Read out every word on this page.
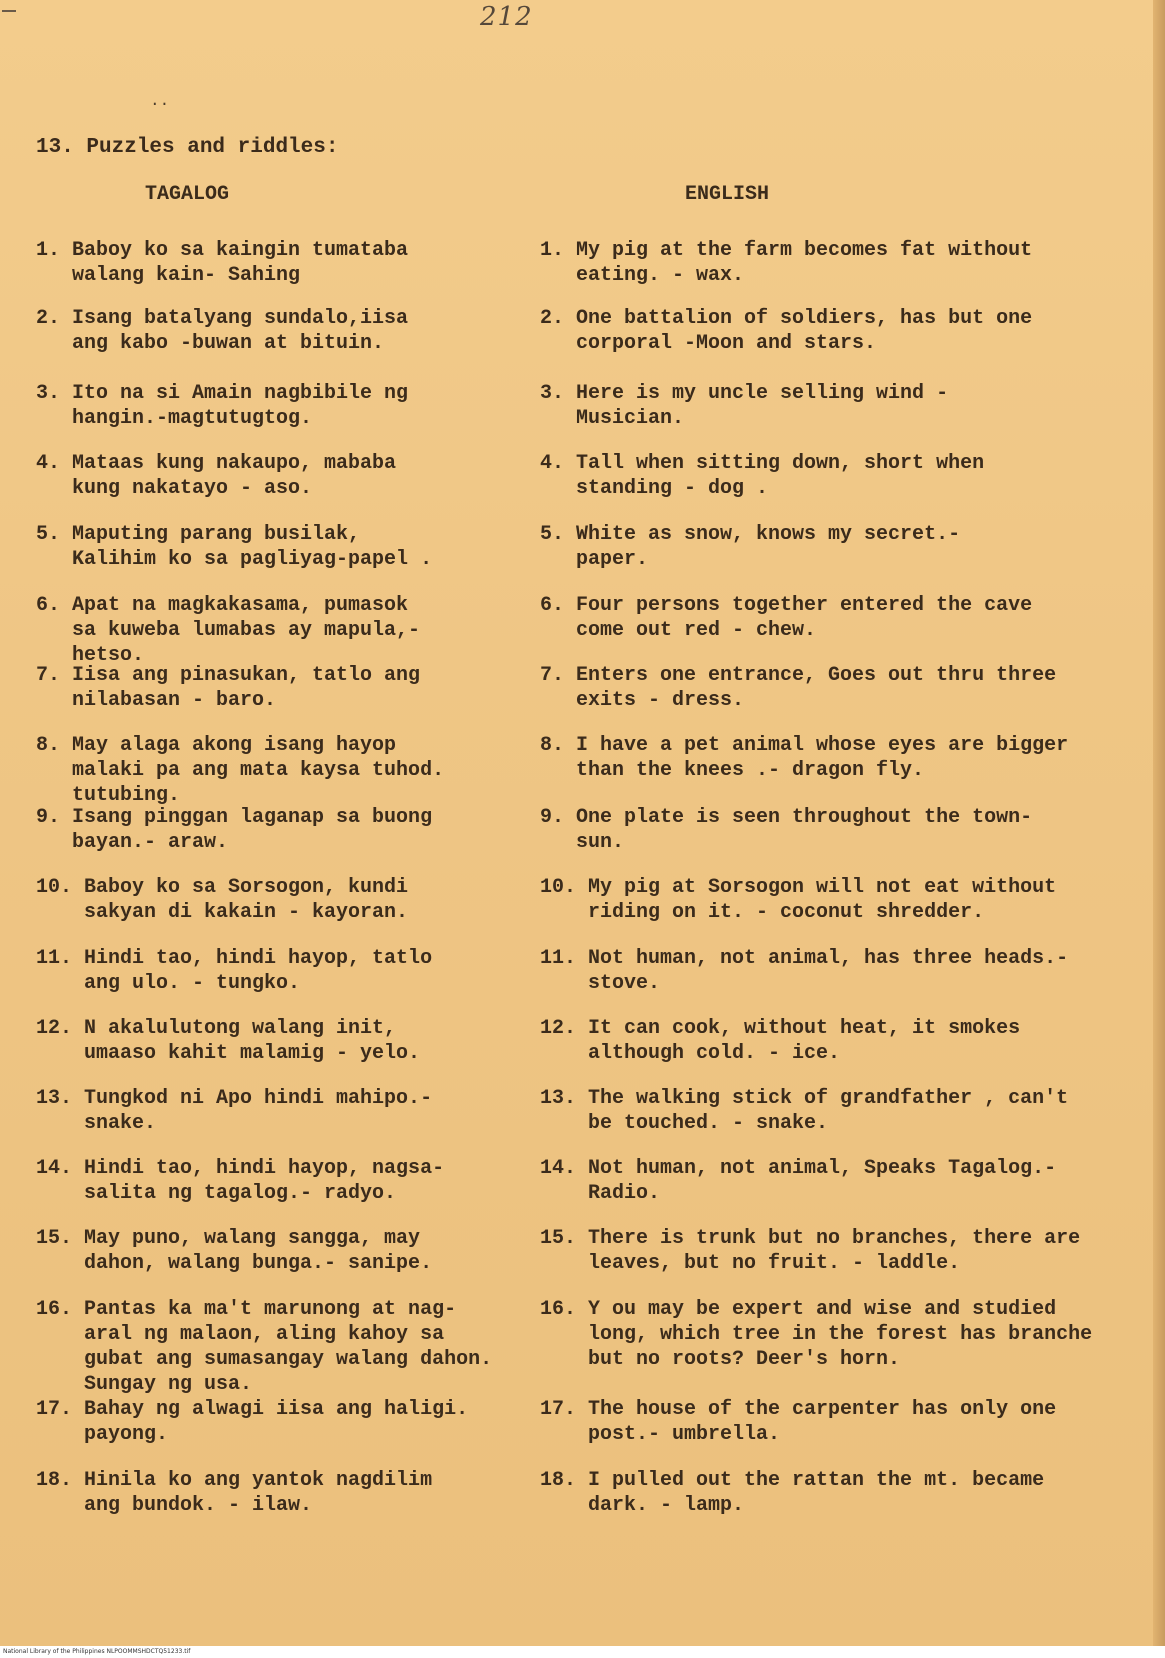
212
..
13. Puzzles and riddles:
TAGALOG	ENGLISH
1. Baboy ko sa kaingin tumataba
walang kain- Sahing
1. My pig at the farm becomes fat without
eating. - wax.
2. Isang batalyang sundalo,iisa
ang kabo -buwan at bituin.
2. One battalion of soldiers, has but one
corporal -Moon and stars.
3. Ito na si Amain nagbibile ng
hangin.-magtutugtog.
3. Here is my uncle selling wind -
Musician.
4. Mataas kung nakaupo, mababa
kung nakatayo - aso.
4. Tall when sitting down, short when
standing - dog .
5. Maputing parang busilak,
Kalihim ko sa pagliyag-papel .
5. White as snow, knows my secret.-
paper.
6. Apat na magkakasama, pumasok
sa kuweba lumabas ay mapula,-
hetso.
6. Four persons together entered the cave
come out red - chew.
7. Iisa ang pinasukan, tatlo ang
nilabasan - baro.
7. Enters one entrance, Goes out thru three
exits - dress.
8. May alaga akong isang hayop
malaki pa ang mata kaysa tuhod.
tutubing.
8. I have a pet animal whose eyes are bigger
than the knees .- dragon fly.
9. Isang pinggan laganap sa buong
bayan.- araw.
9. One plate is seen throughout the town-
sun.
10. Baboy ko sa Sorsogon, kundi
sakyan di kakain - kayoran.
10. My pig at Sorsogon will not eat without
riding on it. - coconut shredder.
11. Hindi tao, hindi hayop, tatlo
ang ulo. - tungko.
11. Not human, not animal, has three heads.-
stove.
12. N akalulutong walang init,
umaaso kahit malamig - yelo.
12. It can cook, without heat, it smokes
although cold. - ice.
13. Tungkod ni Apo hindi mahipo.-
snake.
13. The walking stick of grandfather , can't
be touched. - snake.
14. Hindi tao, hindi hayop, nagsa-
salita ng tagalog.- radyo.
14. Not human, not animal, Speaks Tagalog.-
Radio.
15. May puno, walang sangga, may
dahon, walang bunga.- sanipe.
15. There is trunk but no branches, there are
leaves, but no fruit. - laddle.
16. Pantas ka ma't marunong at nag-
aral ng malaon, aling kahoy sa
gubat ang sumasangay walang dahon.
Sungay ng usa.
16. Y ou may be expert and wise and studied
long, which tree in the forest has branche
but no roots? Deer's horn.
17. Bahay ng alwagi iisa ang haligi.
payong.
17. The house of the carpenter has only one
post.- umbrella.
18. Hinila ko ang yantok nagdilim
ang bundok. - ilaw.
18. I pulled out the rattan the mt. became
dark. - lamp.
National Library of the Philippines NLPOOMMSHDCTQ51233.tif
